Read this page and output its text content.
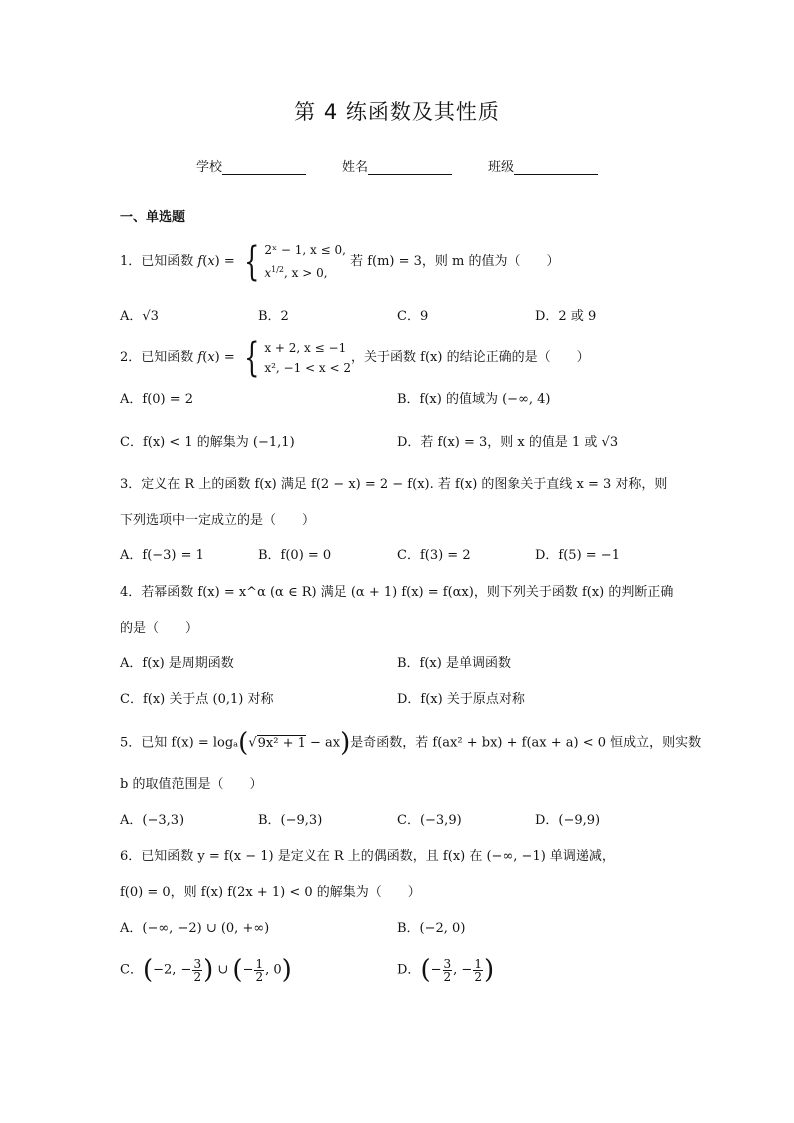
第 4 练函数及其性质
学校	姓名	班级
一、单选题
1．已知函数 f(x) = { 2ˣ − 1, x ≤ 0,
$x^{1/2}$, x > 0,
若 f(m) = 3，则 m 的值为（　　）
A．√3	B．2	C．9	D．2 或 9
2．已知函数 f(x) = { x + 2, x ≤ −1
x², −1 < x < 2
，关于函数 f(x) 的结论正确的是（　　）
A．f(0) = 2	B．f(x) 的值域为 (−∞, 4)
C．f(x) < 1 的解集为 (−1,1)	D．若 f(x) = 3，则 x 的值是 1 或 √3
3．定义在 R 上的函数 f(x) 满足 f(2 − x) = 2 − f(x). 若 f(x) 的图象关于直线 x = 3 对称，则
下列选项中一定成立的是（　　）
A．f(−3) = 1	B．f(0) = 0	C．f(3) = 2	D．f(5) = −1
4．若幂函数 f(x) = x^α (α ∈ R) 满足 (α + 1) f(x) = f(αx)，则下列关于函数 f(x) 的判断正确
的是（　　）
A．f(x) 是周期函数	B．f(x) 是单调函数
C．f(x) 关于点 (0,1) 对称	D．f(x) 关于原点对称
5．已知 f(x) = logₐ(√9x² + 1 − ax)是奇函数，若 f(ax² + bx) + f(ax + a) < 0 恒成立，则实数
b 的取值范围是（　　）
A．(−3,3)	B．(−9,3)	C．(−3,9)	D．(−9,9)
6．已知函数 y = f(x − 1) 是定义在 R 上的偶函数，且 f(x) 在 (−∞, −1) 单调递减，
f(0) = 0，则 f(x) f(2x + 1) < 0 的解集为（　　）
A．(−∞, −2) ∪ (0, +∞)	B．(−2, 0)
C．(−2, − $\frac{3}{2}$ ) ∪ (− $\frac{1}{2}$ , 0)	D．(− $\frac{3}{2}$ , − $\frac{1}{2}$ )
